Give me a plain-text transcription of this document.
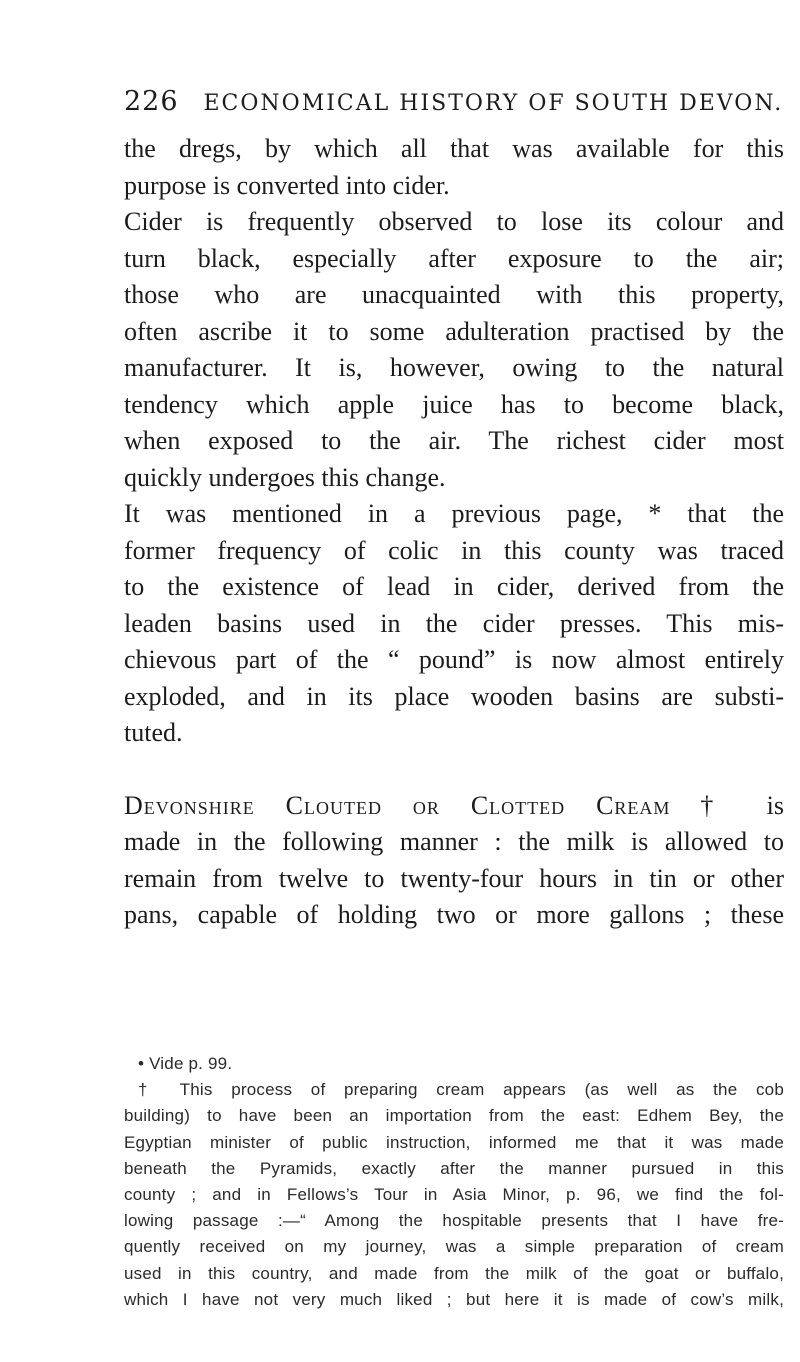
226 ECONOMICAL HISTORY OF SOUTH DEVON.
the dregs, by which all that was available for this
purpose is converted into cider.
Cider is frequently observed to lose its colour and
turn black, especially after exposure to the air;
those who are unacquainted with this property,
often ascribe it to some adulteration practised by the
manufacturer. It is, however, owing to the natural
tendency which apple juice has to become black,
when exposed to the air. The richest cider most
quickly undergoes this change.
It was mentioned in a previous page, * that the
former frequency of colic in this county was traced
to the existence of lead in cider, derived from the
leaden basins used in the cider presses. This mis-
chievous part of the “ pound” is now almost entirely
exploded, and in its place wooden basins are substi-
tuted.
Devonshire Clouted or Clotted Cream † is
made in the following manner : the milk is allowed to
remain from twelve to twenty-four hours in tin or other
pans, capable of holding two or more gallons ; these
• Vide p. 99.
† This process of preparing cream appears (as well as the cob
building) to have been an importation from the east: Edhem Bey, the
Egyptian minister of public instruction, informed me that it was made
beneath the Pyramids, exactly after the manner pursued in this
county ; and in Fellows’s Tour in Asia Minor, p. 96, we find the fol-
lowing passage :—“ Among the hospitable presents that I have fre-
quently received on my journey, was a simple preparation of cream
used in this country, and made from the milk of the goat or buffalo,
which I have not very much liked ; but here it is made of cow’s milk,
